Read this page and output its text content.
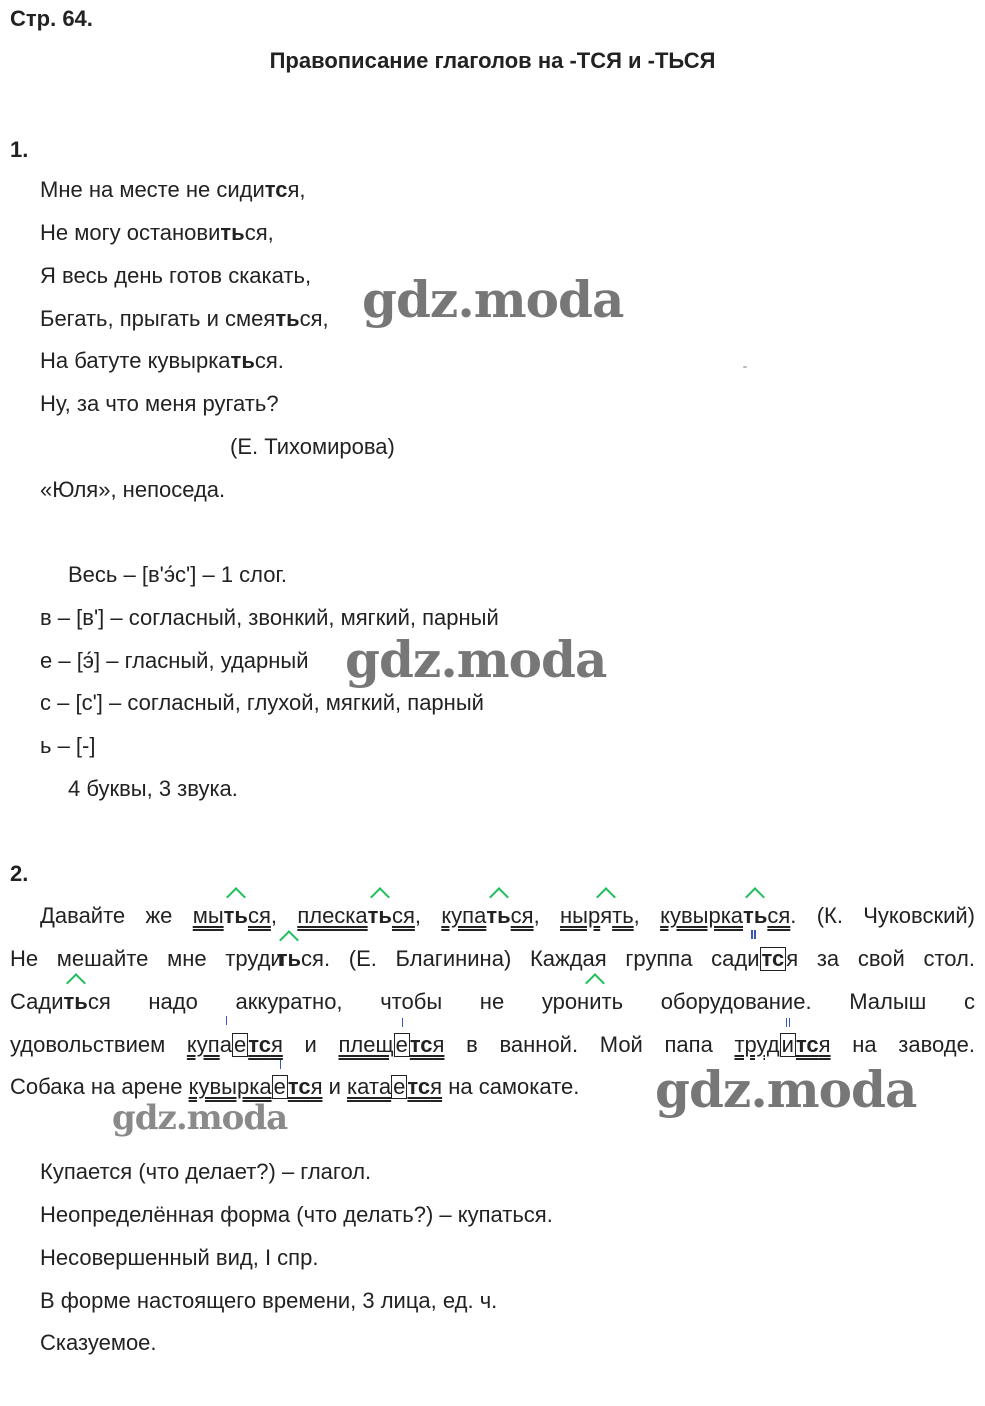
Стр. 64.
Правописание глаголов на -ТСЯ и -ТЬСЯ
1.
Мне на месте не сидится,
Не могу остановиться,
Я весь день готов скакать,
Бегать, прыгать и смеяться,
На батуте кувыркаться.
Ну, за что меня ругать?
(Е. Тихомирова)
«Юля», непоседа.
Весь – [в'э́с'] – 1 слог.
в – [в'] – согласный, звонкий, мягкий, парный
е – [э́] – гласный, ударный
с – [с'] – согласный, глухой, мягкий, парный
ь – [-]
4 буквы, 3 звука.
2.
Давайте же мыться, плескаться, купаться, нырять, кувыркаться. (К. Чуковский)
Не мешайте мне трудиться. (Е. Благинина) Каждая группа садится за свой стол.
Садиться надо аккуратно, чтобы не уронить оборудование. Малыш с
удовольствием купается и плещется в ванной. Мой папа трудится на заводе.
Собака на арене кувыркается и катaется на самокате.
Купается (что делает?) – глагол.
Неопределённая форма (что делать?) – купаться.
Несовершенный вид, I спр.
В форме настоящего времени, 3 лица, ед. ч.
Сказуемое.
gdz.moda
gdz.moda
gdz.moda
gdz.moda
